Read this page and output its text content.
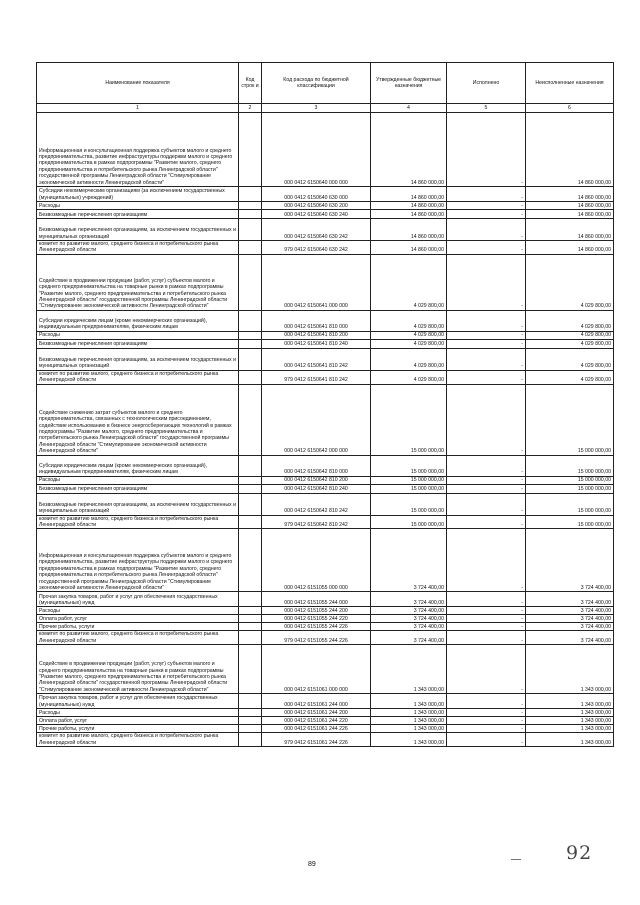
Наименование показателя	Код строк и	Код расхода по бюджетной классификации	Утвержденные бюджетные назначения	Исполнено	Неисполненные назначения
1	2	3	4	5	6
Информационная и консультационная поддержка субъектов малого и среднего предпринимательства, развитие инфраструктуры поддержки малого и среднего предпринимательства в рамках подпрограммы "Развитие малого, среднего предпринимательства и потребительского рынка Ленинградской области" государственной программы Ленинградской области "Стимулирование экономической активности Ленинградской области"		000 0412 6150640 000 000	14 860 000,00	-	14 860 000,00
Субсидии некоммерческим организациям (за исключением государственных (муниципальных) учреждений)		000 0412 6150640 630 000	14 860 000,00	-	14 860 000,00
Расходы		000 0412 6150640 630 200	14 860 000,00	-	14 860 000,00
Безвозмездные перечисления организациям		000 0412 6150640 630 240	14 860 000,00	-	14 860 000,00
Безвозмездные перечисления организациям, за исключением государственных и муниципальных организаций		000 0412 6150640 630 242	14 860 000,00	-	14 860 000,00
комитет по развитию малого, среднего бизнеса и потребительского рынка Ленинградской области		979 0412 6150640 630 242	14 860 000,00	-	14 860 000,00
Содействие в продвижении продукции (работ, услуг) субъектов малого и среднего предпринимательства на товарные рынки в рамках подпрограммы "Развитие малого, среднего предпринимательства и потребительского рынка Ленинградской области" государственной программы Ленинградской области "Стимулирование экономической активности Ленинградской области"		000 0412 6150641 000 000	4 029 800,00	-	4 029 800,00
Субсидии юридическим лицам (кроме некоммерческих организаций), индивидуальным предпринимателям, физическим лицам		000 0412 6150641 810 000	4 029 800,00	-	4 029 800,00
Расходы		000 0412 6150641 810 200	4 029 800,00	-	4 029 800,00
Безвозмездные перечисления организациям		000 0412 6150641 810 240	4 029 800,00	-	4 029 800,00
Безвозмездные перечисления организациям, за исключением государственных и муниципальных организаций		000 0412 6150641 810 242	4 029 800,00	-	4 029 800,00
комитет по развитию малого, среднего бизнеса и потребительского рынка Ленинградской области		979 0412 6150641 810 242	4 029 800,00	-	4 029 800,00
Содействие снижению затрат субъектов малого и среднего предпринимательства, связанных с технологическим присоединением, содействие использованию в бизнесе энергосберегающих технологий в рамках подпрограммы "Развитие малого, среднего предпринимательства и потребительского рынка Ленинградской области" государственной программы Ленинградской области "Стимулирование экономической активности Ленинградской области"		000 0412 6150642 000 000	15 000 000,00	-	15 000 000,00
Субсидии юридическим лицам (кроме некоммерческих организаций), индивидуальным предпринимателям, физическим лицам		000 0412 6150642 810 000	15 000 000,00	-	15 000 000,00
Расходы		000 0412 6150642 810 200	15 000 000,00	-	15 000 000,00
Безвозмездные перечисления организациям		000 0412 6150642 810 240	15 000 000,00	-	15 000 000,00
Безвозмездные перечисления организациям, за исключением государственных и муниципальных организаций		000 0412 6150642 810 242	15 000 000,00	-	15 000 000,00
комитет по развитию малого, среднего бизнеса и потребительского рынка Ленинградской области		979 0412 6150642 810 242	15 000 000,00	-	15 000 000,00
Информационная и консультационная поддержка субъектов малого и среднего предпринимательства, развитие инфраструктуры поддержки малого и среднего предпринимательства в рамках подпрограммы "Развитие малого, среднего предпринимательства и потребительского рынка Ленинградской области" государственной программы Ленинградской области "Стимулирование экономической активности Ленинградской области"		000 0412 6151055 000 000	3 724 400,00	-	3 724 400,00
Прочая закупка товаров, работ и услуг для обеспечения государственных (муниципальных) нужд		000 0412 6151055 244 000	3 724 400,00	-	3 724 400,00
Расходы		000 0412 6151055 244 200	3 724 400,00	-	3 724 400,00
Оплата работ, услуг		000 0412 6151055 244 220	3 724 400,00	-	3 724 400,00
Прочие работы, услуги		000 0412 6151055 244 226	3 724 400,00	-	3 724 400,00
комитет по развитию малого, среднего бизнеса и потребительского рынка Ленинградской области		979 0412 6151055 244 226	3 724 400,00	-	3 724 400,00
Содействие в продвижении продукции (работ, услуг) субъектов малого и среднего предпринимательства на товарные рынки в рамках подпрограммы "Развитие малого, среднего предпринимательства и потребительского рынка Ленинградской области" государственной программы Ленинградской области "Стимулирование экономической активности Ленинградской области"		000 0412 6151061 000 000	1 343 000,00	-	1 343 000,00
Прочая закупка товаров, работ и услуг для обеспечения государственных (муниципальных) нужд		000 0412 6151061 244 000	1 343 000,00	-	1 343 000,00
Расходы		000 0412 6151061 244 200	1 343 000,00	-	1 343 000,00
Оплата работ, услуг		000 0412 6151061 244 220	1 343 000,00	-	1 343 000,00
Прочие работы, услуги		000 0412 6151061 244 226	1 343 000,00	-	1 343 000,00
комитет по развитию малого, среднего бизнеса и потребительского рынка Ленинградской области		979 0412 6151061 244 226	1 343 000,00	-	1 343 000,00
89
92
